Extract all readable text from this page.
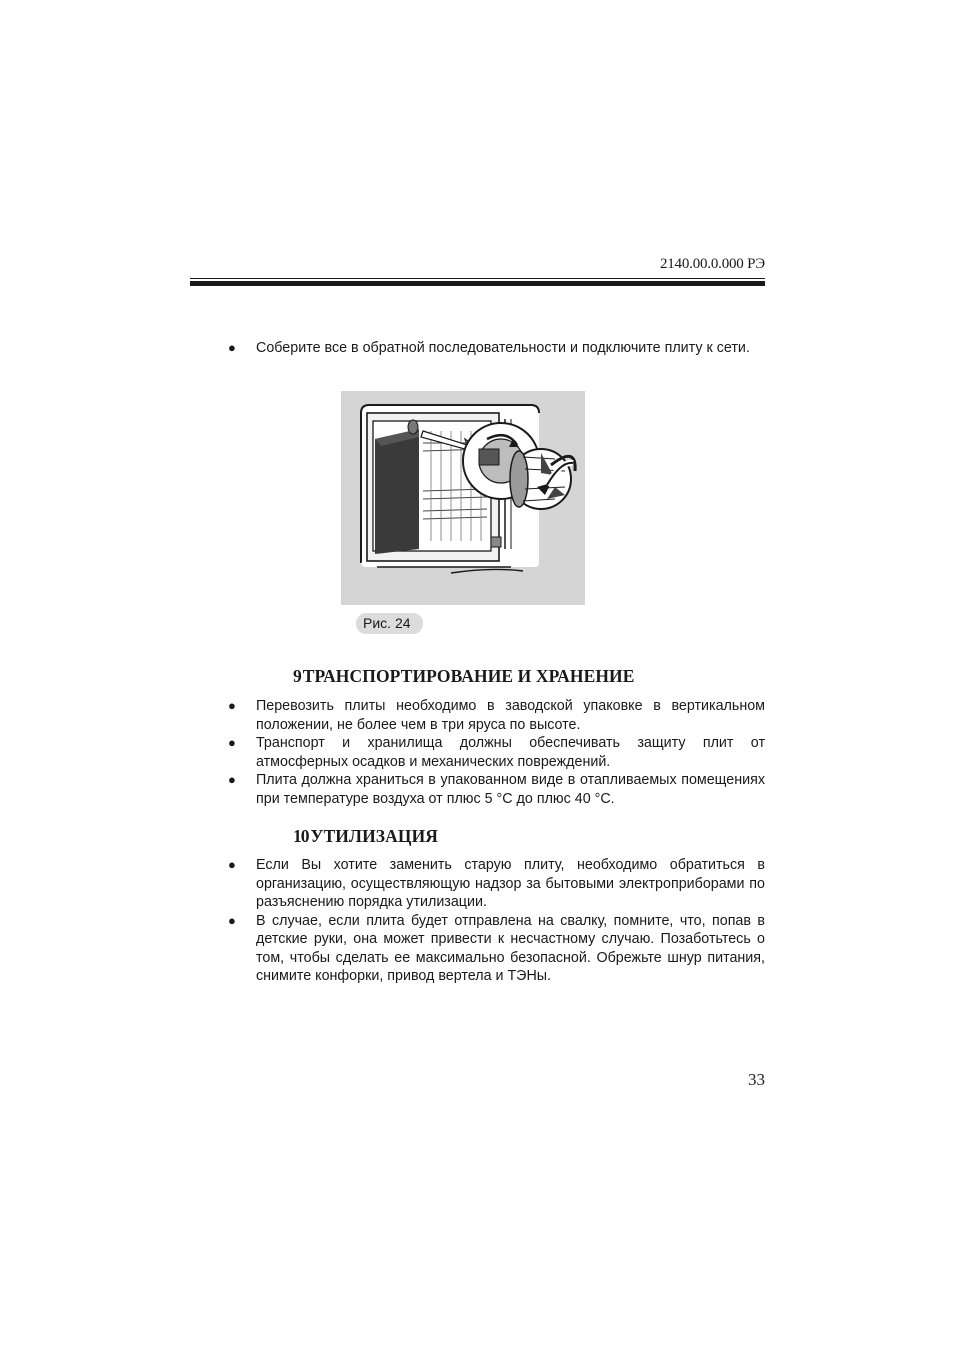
2140.00.0.000 РЭ
● Соберите все в обратной последовательности и подключите плиту к сети.
Рис. 24
9 ТРАНСПОРТИРОВАНИЕ И ХРАНЕНИЕ
● Перевозить плиты необходимо в заводской упаковке в вертикальном положении, не более чем в три яруса по высоте.
● Транспорт и хранилища должны обеспечивать защиту плит от атмосферных осадков и механических повреждений.
● Плита должна храниться в упакованном виде в отапливаемых помещениях при температуре воздуха от плюс 5 °С до плюс 40 °С.
10 УТИЛИЗАЦИЯ
● Если Вы хотите заменить старую плиту, необходимо обратиться в организацию, осуществляющую надзор за бытовыми электроприборами по разъяснению порядка утилизации.
● В случае, если плита будет отправлена на свалку, помните, что, попав в детские руки, она может привести к несчастному случаю. Позаботьтесь о том, чтобы сделать ее максимально безопасной. Обрежьте шнур питания, снимите конфорки, привод вертела и ТЭНы.
33
